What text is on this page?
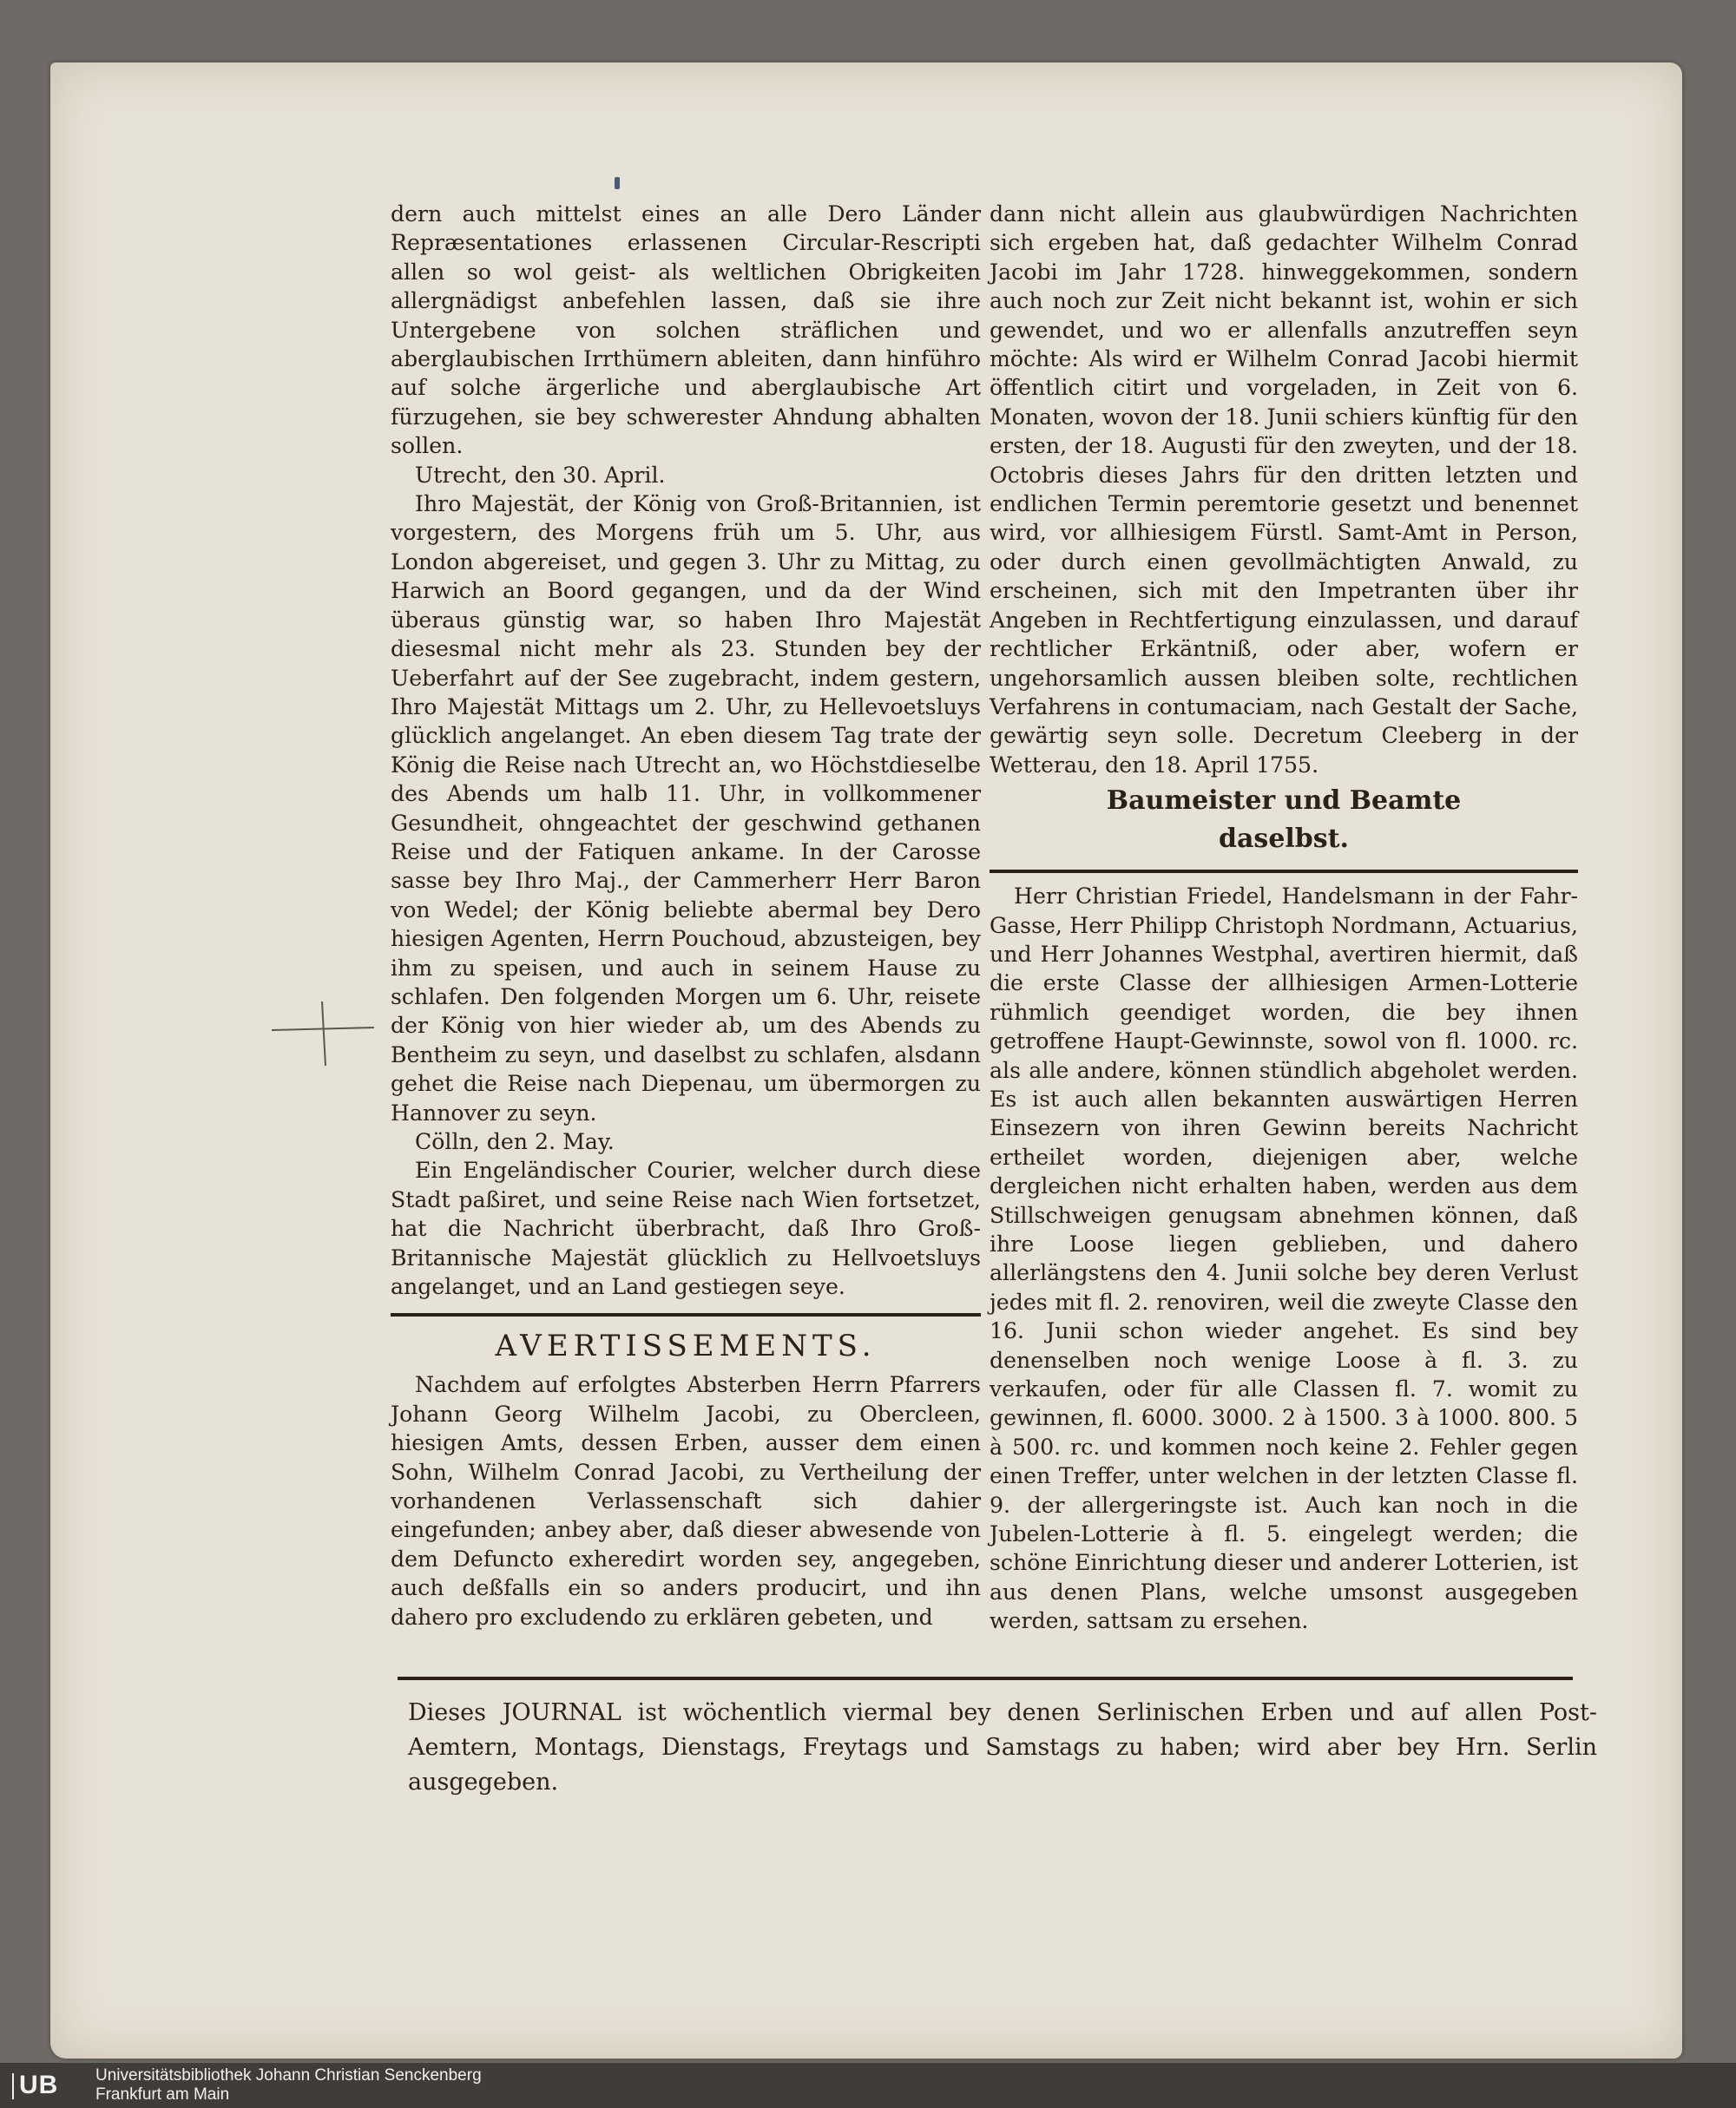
dern auch mittelst eines an alle Dero Länder Repræsentationes erlassenen Circular-Rescripti allen so wol geist- als weltlichen Obrigkeiten allergnädigst anbefehlen lassen, daß sie ihre Untergebene von solchen sträflichen und aberglaubischen Irrthümern ableiten, dann hinführo auf solche ärgerliche und aberglaubische Art fürzugehen, sie bey schwerester Ahndung abhalten sollen.

Utrecht, den 30. April.

Ihro Majestät, der König von Groß-Britannien, ist vorgestern, des Morgens früh um 5. Uhr, aus London abgereiset, und gegen 3. Uhr zu Mittag, zu Harwich an Boord gegangen, und da der Wind überaus günstig war, so haben Ihro Majestät diesesmal nicht mehr als 23. Stunden bey der Ueberfahrt auf der See zugebracht, indem gestern, Ihro Majestät Mittags um 2. Uhr, zu Hellevoetsluys glücklich angelanget. An eben diesem Tag trate der König die Reise nach Utrecht an, wo Höchstdieselbe des Abends um halb 11. Uhr, in vollkommener Gesundheit, ohngeachtet der geschwind gethanen Reise und der Fatiquen ankame. In der Carosse sasse bey Ihro Maj., der Cammerherr Herr Baron von Wedel; der König beliebte abermal bey Dero hiesigen Agenten, Herrn Pouchoud, abzusteigen, bey ihm zu speisen, und auch in seinem Hause zu schlafen. Den folgenden Morgen um 6. Uhr, reisete der König von hier wieder ab, um des Abends zu Bentheim zu seyn, und daselbst zu schlafen, alsdann gehet die Reise nach Diepenau, um übermorgen zu Hannover zu seyn.

Cölln, den 2. May.

Ein Engeländischer Courier, welcher durch diese Stadt paßiret, und seine Reise nach Wien fortsetzet, hat die Nachricht überbracht, daß Ihro Groß-Britannische Majestät glücklich zu Hellvoetsluys angelanget, und an Land gestiegen seye.

AVERTISSEMENTS.

Nachdem auf erfolgtes Absterben Herrn Pfarrers Johann Georg Wilhelm Jacobi, zu Obercleen, hiesigen Amts, dessen Erben, ausser dem einen Sohn, Wilhelm Conrad Jacobi, zu Vertheilung der vorhandenen Verlassenschaft sich dahier eingefunden; anbey aber, daß dieser abwesende von dem Defuncto exheredirt worden sey, angegeben, auch deßfalls ein so anders producirt, und ihn dahero pro excludendo zu erklären gebeten, und

dann nicht allein aus glaubwürdigen Nachrichten sich ergeben hat, daß gedachter Wilhelm Conrad Jacobi im Jahr 1728. hinweggekommen, sondern auch noch zur Zeit nicht bekannt ist, wohin er sich gewendet, und wo er allenfalls anzutreffen seyn möchte: Als wird er Wilhelm Conrad Jacobi hiermit öffentlich citirt und vorgeladen, in Zeit von 6. Monaten, wovon der 18. Junii schiers künftig für den ersten, der 18. Augusti für den zweyten, und der 18. Octobris dieses Jahrs für den dritten letzten und endlichen Termin peremtorie gesetzt und benennet wird, vor allhiesigem Fürstl. Samt-Amt in Person, oder durch einen gevollmächtigten Anwald, zu erscheinen, sich mit den Impetranten über ihr Angeben in Rechtfertigung einzulassen, und darauf rechtlicher Erkäntniß, oder aber, wofern er ungehorsamlich aussen bleiben solte, rechtlichen Verfahrens in contumaciam, nach Gestalt der Sache, gewärtig seyn solle. Decretum Cleeberg in der Wetterau, den 18. April 1755.

Baumeister und Beamte
daselbst.

Herr Christian Friedel, Handelsmann in der Fahr-Gasse, Herr Philipp Christoph Nordmann, Actuarius, und Herr Johannes Westphal, avertiren hiermit, daß die erste Classe der allhiesigen Armen-Lotterie rühmlich geendiget worden, die bey ihnen getroffene Haupt-Gewinnste, sowol von fl. 1000. rc. als alle andere, können stündlich abgeholet werden. Es ist auch allen bekannten auswärtigen Herren Einsezern von ihren Gewinn bereits Nachricht ertheilet worden, diejenigen aber, welche dergleichen nicht erhalten haben, werden aus dem Stillschweigen genugsam abnehmen können, daß ihre Loose liegen geblieben, und dahero allerlängstens den 4. Junii solche bey deren Verlust jedes mit fl. 2. renoviren, weil die zweyte Classe den 16. Junii schon wieder angehet. Es sind bey denenselben noch wenige Loose à fl. 3. zu verkaufen, oder für alle Classen fl. 7. womit zu gewinnen, fl. 6000. 3000. 2 à 1500. 3 à 1000. 800. 5 à 500. rc. und kommen noch keine 2. Fehler gegen einen Treffer, unter welchen in der letzten Classe fl. 9. der allergeringste ist. Auch kan noch in die Jubelen-Lotterie à fl. 5. eingelegt werden; die schöne Einrichtung dieser und anderer Lotterien, ist aus denen Plans, welche umsonst ausgegeben werden, sattsam zu ersehen.

Dieses JOURNAL ist wöchentlich viermal bey denen Serlinischen Erben und auf allen Post-Aemtern, Montags, Dienstags, Freytags und Samstags zu haben; wird aber bey Hrn. Serlin ausgegeben.
UB Universitätsbibliothek Johann Christian Senckenberg
Frankfurt am Main
